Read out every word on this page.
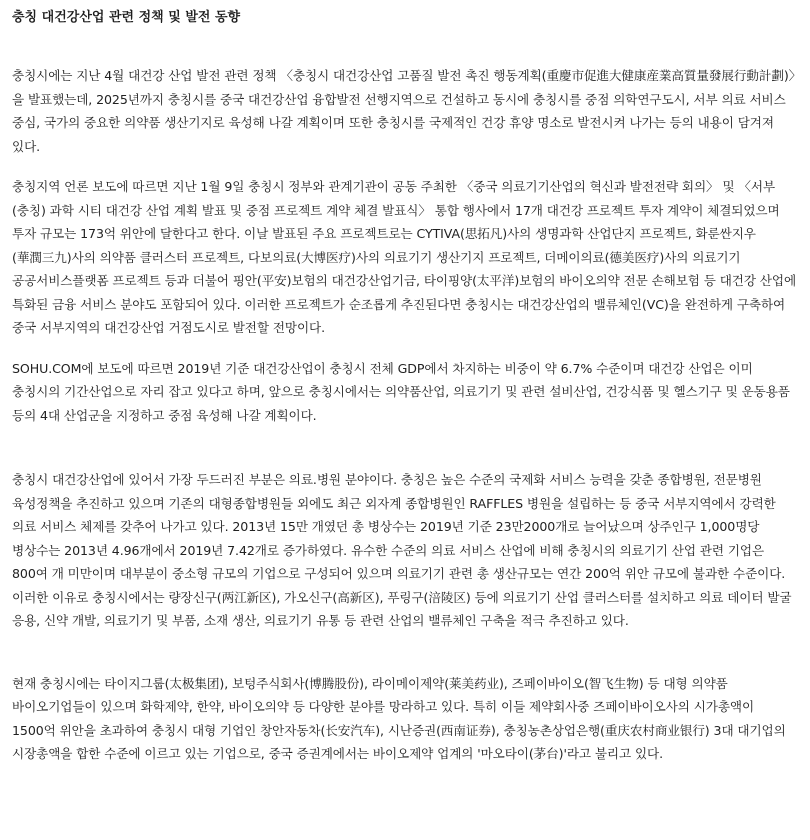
충칭 대건강산업 관련 정책 및 발전 동향

충칭시에는 지난 4월 대건강 산업 발전 관련 정책 〈충칭시 대건강산업 고품질 발전 촉진 행동계획(重慶市促進大健康産業高質量發展行動計劃)〉을 발표했는데, 2025년까지 충칭시를 중국 대건강산업 융합발전 선행지역으로 건설하고 동시에 충칭시를 중점 의학연구도시, 서부 의료 서비스 중심, 국가의 중요한 의약품 생산기지로 육성해 나갈 계획이며 또한 충칭시를 국제적인 건강 휴양 명소로 발전시켜 나가는 등의 내용이 담겨져 있다.

충칭지역 언론 보도에 따르면 지난 1월 9일 충칭시 정부와 관계기관이 공동 주최한 〈중국 의료기기산업의 혁신과 발전전략 회의〉 및 〈서부(충칭) 과학 시티 대건강 산업 계획 발표 및 중점 프로젝트 계약 체결 발표식〉 통합 행사에서 17개 대건강 프로젝트 투자 계약이 체결되었으며 투자 규모는 173억 위안에 달한다고 한다. 이날 발표된 주요 프로젝트로는 CYTIVA(思拓凡)사의 생명과학 산업단지 프로젝트, 화룬싼지우 (華潤三九)사의 의약품 클러스터 프로젝트, 다보의료(大博医疗)사의 의료기기 생산기지 프로젝트, 더메이의료(德美医疗)사의 의료기기 공공서비스플랫폼 프로젝트 등과 더불어 핑안(平安)보험의 대건강산업기금, 타이핑양(太平洋)보험의 바이오의약 전문 손해보험 등 대건강 산업에 특화된 금융 서비스 분야도 포함되어 있다. 이러한 프로젝트가 순조롭게 추진된다면 충칭시는 대건강산업의 밸류체인(VC)을 완전하게 구축하여 중국 서부지역의 대건강산업 거점도시로 발전할 전망이다.

SOHU.COM에 보도에 따르면 2019년 기준 대건강산업이 충칭시 전체 GDP에서 차지하는 비중이 약 6.7% 수준이며 대건강 산업은 이미 충칭시의 기간산업으로 자리 잡고 있다고 하며, 앞으로 충칭시에서는 의약품산업, 의료기기 및 관련 설비산업, 건강식품 및 헬스기구 및 운동용품 등의 4대 산업군을 지정하고 중점 육성해 나갈 계획이다.

충칭시 대건강산업에 있어서 가장 두드러진 부분은 의료.병원 분야이다. 충칭은 높은 수준의 국제화 서비스 능력을 갖춘 종합병원, 전문병원 육성정책을 추진하고 있으며 기존의 대형종합병원들 외에도 최근 외자계 종합병원인 RAFFLES 병원을 설립하는 등 중국 서부지역에서 강력한 의료 서비스 체제를 갖추어 나가고 있다. 2013년 15만 개였던 총 병상수는 2019년 기준 23만2000개로 늘어났으며 상주인구 1,000명당 병상수는 2013년 4.96개에서 2019년 7.42개로 증가하였다. 유수한 수준의 의료 서비스 산업에 비해 충칭시의 의료기기 산업 관련 기업은 800여 개 미만이며 대부분이 중소형 규모의 기업으로 구성되어 있으며 의료기기 관련 총 생산규모는 연간 200억 위안 규모에 불과한 수준이다. 이러한 이유로 충칭시에서는 량장신구(两江新区), 가오신구(高新区), 푸링구(涪陵区) 등에 의료기기 산업 클러스터를 설치하고 의료 데이터 발굴 응용, 신약 개발, 의료기기 및 부품, 소재 생산, 의료기기 유통 등 관련 산업의 밸류체인 구축을 적극 추진하고 있다.

현재 충칭시에는 타이지그룹(太极集团), 보텅주식회사(博腾股份), 라이메이제약(莱美药业), 즈페이바이오(智飞生物) 등 대형 의약품 바이오기업들이 있으며 화학제약, 한약, 바이오의약 등 다양한 분야를 망라하고 있다. 특히 이들 제약회사중 즈페이바이오사의 시가총액이 1500억 위안을 초과하여 충칭시 대형 기업인 창안자동차(长安汽车), 시난증권(西南证券), 충칭농촌상업은행(重庆农村商业银行) 3대 대기업의 시장총액을 합한 수준에 이르고 있는 기업으로, 중국 증권계에서는 바이오제약 업계의 '마오타이(茅台)'라고 불리고 있다.
